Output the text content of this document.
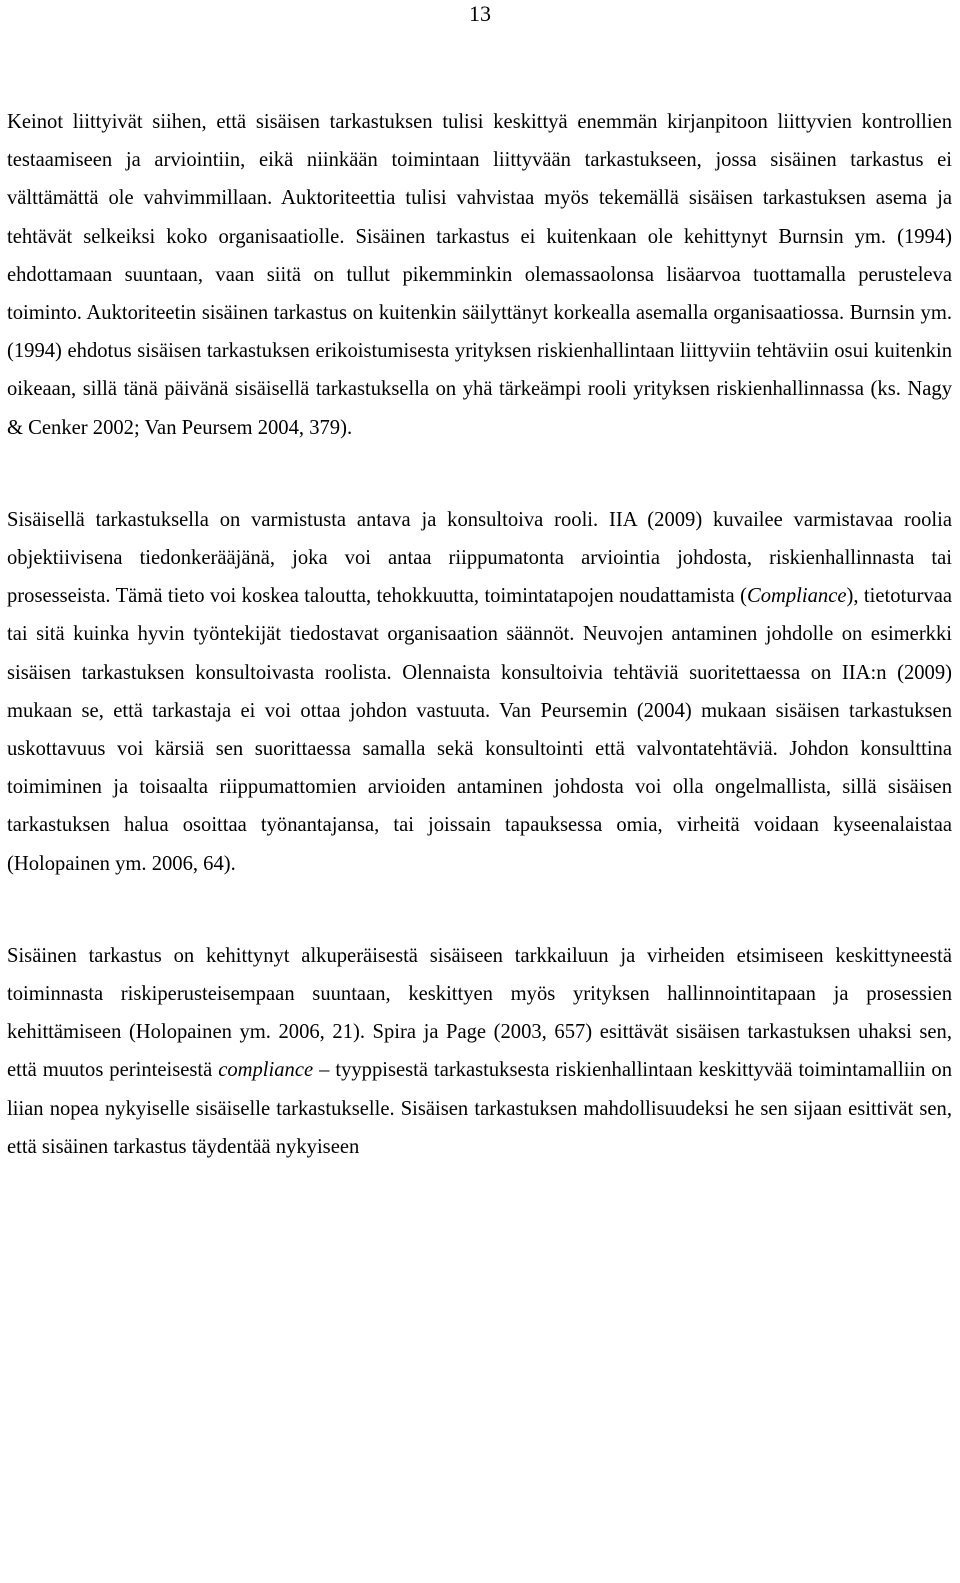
13

Keinot liittyivät siihen, että sisäisen tarkastuksen tulisi keskittyä enemmän kirjanpitoon liittyvien kontrollien testaamiseen ja arviointiin, eikä niinkään toimintaan liittyvään tarkastukseen, jossa sisäinen tarkastus ei välttämättä ole vahvimmillaan. Auktoriteettia tulisi vahvistaa myös tekemällä sisäisen tarkastuksen asema ja tehtävät selkeiksi koko organisaatiolle. Sisäinen tarkastus ei kuitenkaan ole kehittynyt Burnsin ym. (1994) ehdottamaan suuntaan, vaan siitä on tullut pikemminkin olemassaolonsa lisäarvoa tuottamalla perusteleva toiminto. Auktoriteetin sisäinen tarkastus on kuitenkin säilyttänyt korkealla asemalla organisaatiossa. Burnsin ym. (1994) ehdotus sisäisen tarkastuksen erikoistumisesta yrityksen riskienhallintaan liittyviin tehtäviin osui kuitenkin oikeaan, sillä tänä päivänä sisäisellä tarkastuksella on yhä tärkeämpi rooli yrityksen riskienhallinnassa (ks. Nagy & Cenker 2002; Van Peursem 2004, 379).

Sisäisellä tarkastuksella on varmistusta antava ja konsultoiva rooli. IIA (2009) kuvailee varmistavaa roolia objektiivisena tiedonkerääjänä, joka voi antaa riippumatonta arviointia johdosta, riskienhallinnasta tai prosesseista. Tämä tieto voi koskea taloutta, tehokkuutta, toimintatapojen noudattamista (Compliance), tietoturvaa tai sitä kuinka hyvin työntekijät tiedostavat organisaation säännöt. Neuvojen antaminen johdolle on esimerkki sisäisen tarkastuksen konsultoivasta roolista. Olennaista konsultoivia tehtäviä suoritettaessa on IIA:n (2009) mukaan se, että tarkastaja ei voi ottaa johdon vastuuta. Van Peursemin (2004) mukaan sisäisen tarkastuksen uskottavuus voi kärsiä sen suorittaessa samalla sekä konsultointi että valvontatehtäviä. Johdon konsulttina toimiminen ja toisaalta riippumattomien arvioiden antaminen johdosta voi olla ongelmallista, sillä sisäisen tarkastuksen halua osoittaa työnantajansa, tai joissain tapauksessa omia, virheitä voidaan kyseenalaistaa (Holopainen ym. 2006, 64).

Sisäinen tarkastus on kehittynyt alkuperäisestä sisäiseen tarkkailuun ja virheiden etsimiseen keskittyneestä toiminnasta riskiperusteisempaan suuntaan, keskittyen myös yrityksen hallinnointitapaan ja prosessien kehittämiseen (Holopainen ym. 2006, 21). Spira ja Page (2003, 657) esittävät sisäisen tarkastuksen uhaksi sen, että muutos perinteisestä compliance – tyyppisestä tarkastuksesta riskienhallintaan keskittyvää toimintamalliin on liian nopea nykyiselle sisäiselle tarkastukselle. Sisäisen tarkastuksen mahdollisuudeksi he sen sijaan esittivät sen, että sisäinen tarkastus täydentää nykyiseen
